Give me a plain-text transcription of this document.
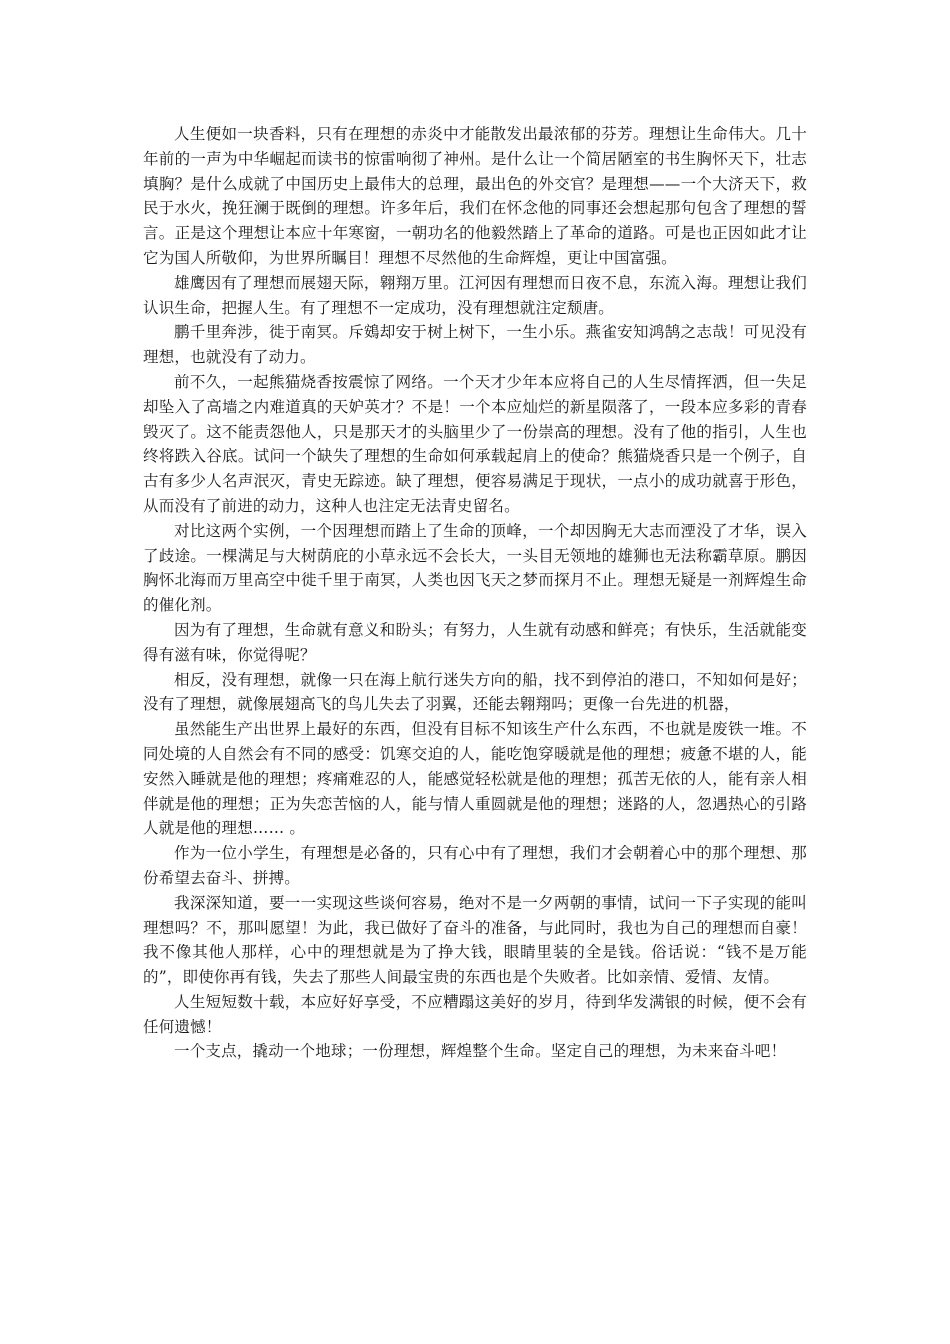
人生便如一块香料，只有在理想的赤炎中才能散发出最浓郁的芬芳。理想让生命伟大。几十年前的一声为中华崛起而读书的惊雷响彻了神州。是什么让一个简居陋室的书生胸怀天下，壮志填胸？是什么成就了中国历史上最伟大的总理，最出色的外交官？是理想——一个大济天下，救民于水火，挽狂澜于既倒的理想。许多年后，我们在怀念他的同事还会想起那句包含了理想的誓言。正是这个理想让本应十年寒窗，一朝功名的他毅然踏上了革命的道路。可是也正因如此才让它为国人所敬仰，为世界所瞩目！理想不尽然他的生命辉煌，更让中国富强。

雄鹰因有了理想而展翅天际，翱翔万里。江河因有理想而日夜不息，东流入海。理想让我们认识生命，把握人生。有了理想不一定成功，没有理想就注定颓唐。

鹏千里奔涉，徙于南冥。斥鴳却安于树上树下，一生小乐。燕雀安知鸿鹄之志哉！可见没有理想，也就没有了动力。

前不久，一起熊猫烧香按震惊了网络。一个天才少年本应将自己的人生尽情挥洒，但一失足却坠入了高墙之内难道真的天妒英才？不是！一个本应灿烂的新星陨落了，一段本应多彩的青春毁灭了。这不能责怨他人，只是那天才的头脑里少了一份崇高的理想。没有了他的指引，人生也终将跌入谷底。试问一个缺失了理想的生命如何承载起肩上的使命？熊猫烧香只是一个例子，自古有多少人名声泯灭，青史无踪迹。缺了理想，便容易满足于现状，一点小的成功就喜于形色，从而没有了前进的动力，这种人也注定无法青史留名。

对比这两个实例，一个因理想而踏上了生命的顶峰，一个却因胸无大志而湮没了才华，误入了歧途。一棵满足与大树荫庇的小草永远不会长大，一头目无领地的雄狮也无法称霸草原。鹏因胸怀北海而万里高空中徙千里于南冥，人类也因飞天之梦而探月不止。理想无疑是一剂辉煌生命的催化剂。

因为有了理想，生命就有意义和盼头；有努力，人生就有动感和鲜亮；有快乐，生活就能变得有滋有味，你觉得呢？

相反，没有理想，就像一只在海上航行迷失方向的船，找不到停泊的港口，不知如何是好；没有了理想，就像展翅高飞的鸟儿失去了羽翼，还能去翱翔吗；更像一台先进的机器，

虽然能生产出世界上最好的东西，但没有目标不知该生产什么东西，不也就是废铁一堆。不同处境的人自然会有不同的感受：饥寒交迫的人，能吃饱穿暖就是他的理想；疲惫不堪的人，能安然入睡就是他的理想；疼痛难忍的人，能感觉轻松就是他的理想；孤苦无依的人，能有亲人相伴就是他的理想；正为失恋苦恼的人，能与情人重圆就是他的理想；迷路的人，忽遇热心的引路人就是他的理想…… 。

作为一位小学生，有理想是必备的，只有心中有了理想，我们才会朝着心中的那个理想、那份希望去奋斗、拼搏。

我深深知道，要一一实现这些谈何容易，绝对不是一夕两朝的事情，试问一下子实现的能叫理想吗？不，那叫愿望！为此，我已做好了奋斗的准备，与此同时，我也为自己的理想而自豪！我不像其他人那样，心中的理想就是为了挣大钱，眼睛里装的全是钱。俗话说：“钱不是万能的”，即使你再有钱，失去了那些人间最宝贵的东西也是个失败者。比如亲情、爱情、友情。

人生短短数十载，本应好好享受，不应糟蹋这美好的岁月，待到华发满银的时候，便不会有任何遗憾！

一个支点，撬动一个地球；一份理想，辉煌整个生命。坚定自己的理想，为未来奋斗吧！
